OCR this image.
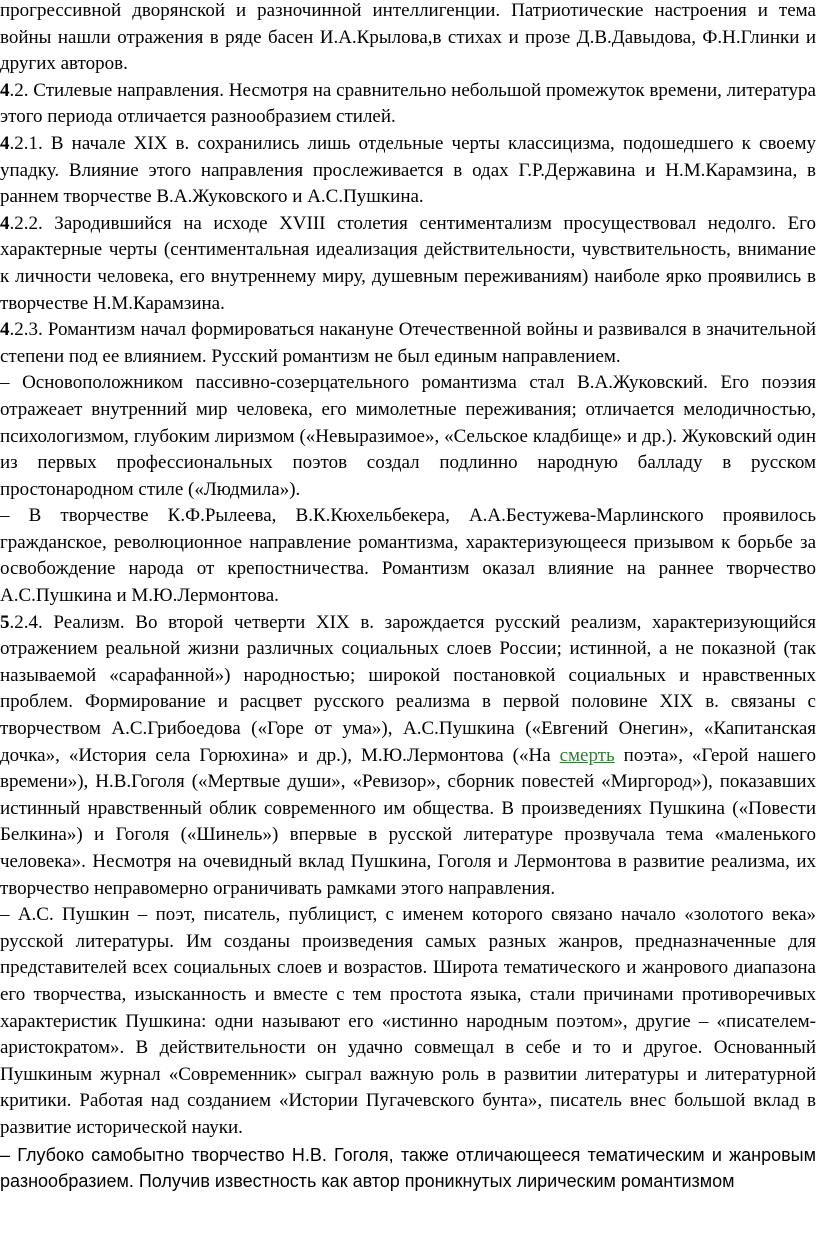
прогрессивной дворянской и разночинной интеллигенции. Патриотические настроения и тема войны нашли отражения в ряде басен И.А.Крылова,в стихах и прозе Д.В.Давыдова, Ф.Н.Глинки и других авторов.

4.2. Стилевые направления. Несмотря на сравнительно небольшой промежуток времени, литература этого периода отличается разнообразием стилей.

4.2.1. В начале XIX в. сохранились лишь отдельные черты классицизма, подошедшего к своему упадку. Влияние этого направления прослеживается в одах Г.Р.Державина и Н.М.Карамзина, в раннем творчестве В.А.Жуковского и А.С.Пушкина.

4.2.2. Зародившийся на исходе XVIII столетия сентиментализм просуществовал недолго. Его характерные черты (сентиментальная идеализация действительности, чувствительность, внимание к личности человека, его внутреннему миру, душевным переживаниям) наиболе ярко проявились в творчестве Н.М.Карамзина.

4.2.3. Романтизм начал формироваться накануне Отечественной войны и развивался в значительной степени под ее влиянием. Русский романтизм не был единым направлением.

– Основоположником пассивно-созерцательного романтизма стал В.А.Жуковский. Его поэзия отражеает внутренний мир человека, его мимолетные переживания; отличается мелодичностью, психологизмом, глубоким лиризмом («Невыразимое», «Сельское кладбище» и др.). Жуковский один из первых профессиональных поэтов создал подлинно народную балладу в русском простонародном стиле («Людмила»).

– В творчестве К.Ф.Рылеева, В.К.Кюхельбекера, А.А.Бестужева-Марлинского проявилось гражданское, революционное направление романтизма, характеризующееся призывом к борьбе за освобождение народа от крепостничества. Романтизм оказал влияние на раннее творчество А.С.Пушкина и М.Ю.Лермонтова.

5.2.4. Реализм. Во второй четверти XIX в. зарождается русский реализм, характеризующийся отражением реальной жизни различных социальных слоев России; истинной, а не показной (так называемой «сарафанной») народностью; широкой постановкой социальных и нравственных проблем. Формирование и расцвет русского реализма в первой половине XIX в. связаны с творчеством А.С.Грибоедова («Горе от ума»), А.С.Пушкина («Евгений Онегин», «Капитанская дочка», «История села Горюхина» и др.), М.Ю.Лермонтова («На смерть поэта», «Герой нашего времени»), Н.В.Гоголя («Мертвые души», «Ревизор», сборник повестей «Миргород»), показавших истинный нравственный облик современного им общества. В произведениях Пушкина («Повести Белкина») и Гоголя («Шинель») впервые в русской литературе прозвучала тема «маленького человека». Несмотря на очевидный вклад Пушкина, Гоголя и Лермонтова в развитие реализма, их творчество неправомерно ограничивать рамками этого направления.

– А.С. Пушкин – поэт, писатель, публицист, с именем которого связано начало «золотого века» русской литературы. Им созданы произведения самых разных жанров, предназначенные для представителей всех социальных слоев и возрастов. Широта тематического и жанрового диапазона его творчества, изысканность и вместе с тем простота языка, стали причинами противоречивых характеристик Пушкина: одни называют его «истинно народным поэтом», другие – «писателем-аристократом». В действительности он удачно совмещал в себе и то и другое. Основанный Пушкиным журнал «Современник» сыграл важную роль в развитии литературы и литературной критики. Работая над созданием «Истории Пугачевского бунта», писатель внес большой вклад в развитие исторической науки.

– Глубоко самобытно творчество Н.В. Гоголя, также отличающееся тематическим и жанровым разнообразием. Получив известность как автор проникнутых лирическим романтизмом
